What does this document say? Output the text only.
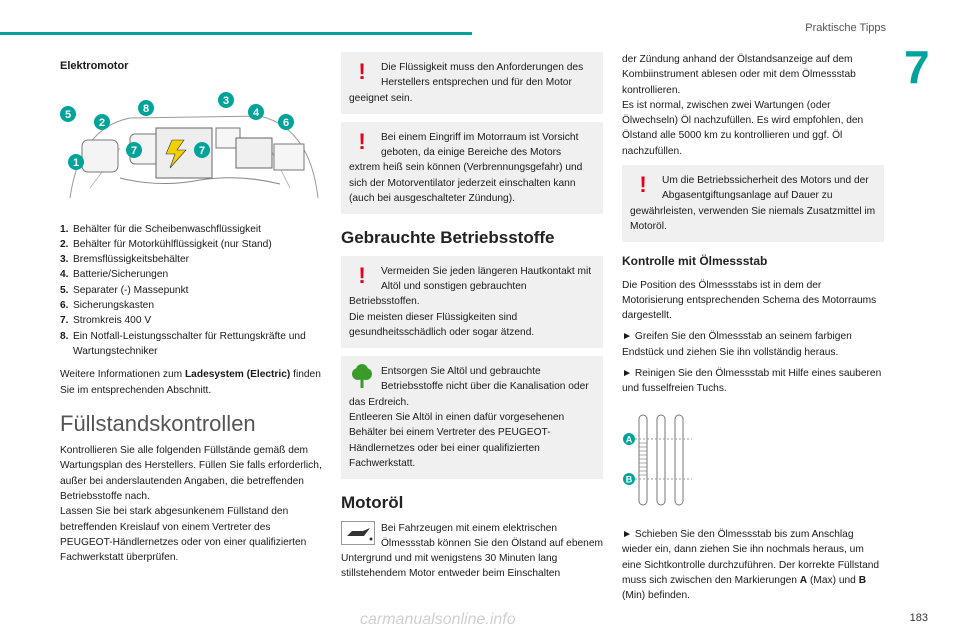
Praktische Tipps
7
Elektromotor
5
2
8
3
4
6
1
7	7
1. Behälter für die Scheibenwaschflüssigkeit
2. Behälter für Motorkühlflüssigkeit (nur Stand)
3. Bremsflüssigkeitsbehälter
4. Batterie/Sicherungen
5. Separater (-) Massepunkt
6. Sicherungskasten
7. Stromkreis 400 V
8. Ein Notfall-Leistungsschalter für Rettungskräfte und Wartungstechniker

Weitere Informationen zum Ladesystem (Electric) finden Sie im entsprechenden Abschnitt.

Füllstandskontrollen

Kontrollieren Sie alle folgenden Füllstände gemäß dem Wartungsplan des Herstellers. Füllen Sie falls erforderlich, außer bei anderslautenden Angaben, die betreffenden Betriebsstoffe nach.
Lassen Sie bei stark abgesunkenem Füllstand den betreffenden Kreislauf von einem Vertreter des PEUGEOT-Händlernetzes oder von einer qualifizierten Fachwerkstatt überprüfen.

!	Die Flüssigkeit muss den Anforderungen des Herstellers entsprechen und für den Motor geeignet sein.
!	Bei einem Eingriff im Motorraum ist Vorsicht geboten, da einige Bereiche des Motors extrem heiß sein können (Verbrennungsgefahr) und sich der Motorventilator jederzeit einschalten kann (auch bei ausgeschalteter Zündung).
Gebrauchte Betriebsstoffe
!	Vermeiden Sie jeden längeren Hautkontakt mit Altöl und sonstigen gebrauchten Betriebsstoffen.
Die meisten dieser Flüssigkeiten sind gesundheitsschädlich oder sogar ätzend.
Entsorgen Sie Altöl und gebrauchte Betriebsstoffe nicht über die Kanalisation oder das Erdreich.
Entleeren Sie Altöl in einen dafür vorgesehenen Behälter bei einem Vertreter des PEUGEOT-Händlernetzes oder bei einer qualifizierten Fachwerkstatt.
Motoröl
Bei Fahrzeugen mit einem elektrischen Ölmessstab können Sie den Ölstand auf ebenem Untergrund und mit wenigstens 30 Minuten lang stillstehendem Motor entweder beim Einschalten

der Zündung anhand der Ölstandsanzeige auf dem Kombiinstrument ablesen oder mit dem Ölmessstab kontrollieren.
Es ist normal, zwischen zwei Wartungen (oder Ölwechseln) Öl nachzufüllen. Es wird empfohlen, den Ölstand alle 5000 km zu kontrollieren und ggf. Öl nachzufüllen.

!	Um die Betriebssicherheit des Motors und der Abgasentgiftungsanlage auf Dauer zu gewährleisten, verwenden Sie niemals Zusatzmittel im Motoröl.
Kontrolle mit Ölmessstab

Die Position des Ölmessstabs ist in dem der Motorisierung entsprechenden Schema des Motorraums dargestellt.

► Greifen Sie den Ölmessstab an seinem farbigen Endstück und ziehen Sie ihn vollständig heraus.

► Reinigen Sie den Ölmessstab mit Hilfe eines sauberen und fusselfreien Tuchs.

A
B

► Schieben Sie den Ölmessstab bis zum Anschlag wieder ein, dann ziehen Sie ihn nochmals heraus, um eine Sichtkontrolle durchzuführen. Der korrekte Füllstand muss sich zwischen den Markierungen A (Max) und B (Min) befinden.

carmanualsonline.info	183
